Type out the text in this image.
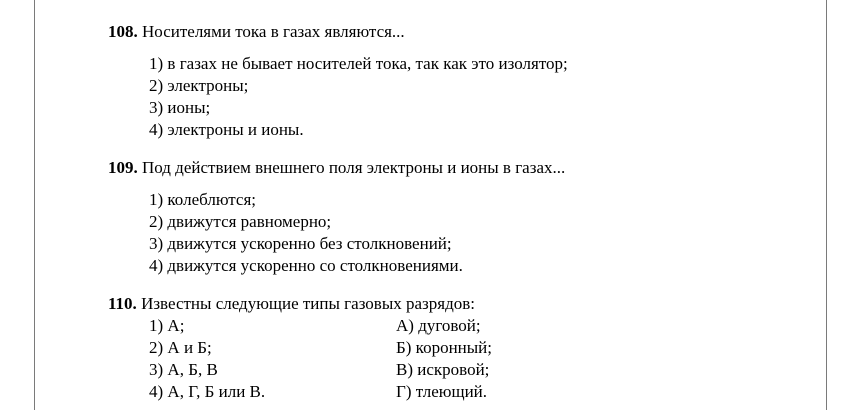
108. Носителями тока в газах являются...
1) в газах не бывает носителей тока, так как это изолятор;
2) электроны;
3) ионы;
4) электроны и ионы.
109. Под действием внешнего поля электроны и ионы в газах...
1) колеблются;
2) движутся равномерно;
3) движутся ускоренно без столкновений;
4) движутся ускоренно со столкновениями.
110. Известны следующие типы газовых разрядов:
1) А;	А) дуговой;
2) А и Б;	Б) коронный;
3) А, Б, В	В) искровой;
4) А, Г, Б или В.	Г) тлеющий.
